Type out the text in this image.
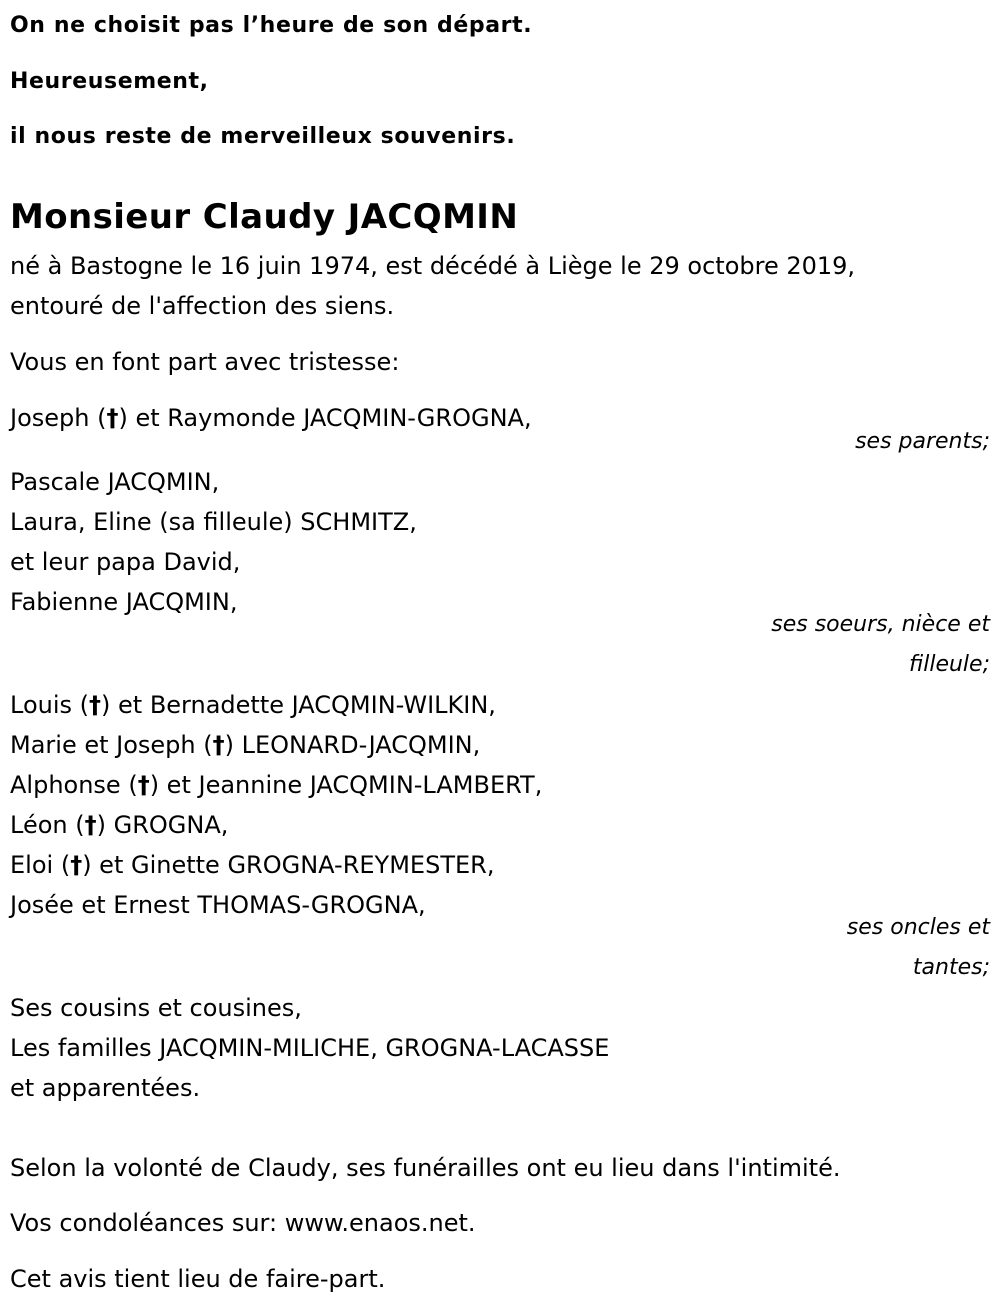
On ne choisit pas l’heure de son départ.
Heureusement,
il nous reste de merveilleux souvenirs.
Monsieur Claudy JACQMIN
né à Bastogne le 16 juin 1974, est décédé à Liège le 29 octobre 2019,
entouré de l'affection des siens.
Vous en font part avec tristesse:
Joseph (†) et Raymonde JACQMIN-GROGNA,
ses parents;
Pascale JACQMIN,
Laura, Eline (sa filleule) SCHMITZ,
et leur papa David,
Fabienne JACQMIN,
ses soeurs, nièce et
filleule;
Louis (†) et Bernadette JACQMIN-WILKIN,
Marie et Joseph (†) LEONARD-JACQMIN,
Alphonse (†) et Jeannine JACQMIN-LAMBERT,
Léon (†) GROGNA,
Eloi (†) et Ginette GROGNA-REYMESTER,
Josée et Ernest THOMAS-GROGNA,
ses oncles et
tantes;
Ses cousins et cousines,
Les familles JACQMIN-MILICHE, GROGNA-LACASSE
et apparentées.
Selon la volonté de Claudy, ses funérailles ont eu lieu dans l'intimité.
Vos condoléances sur: www.enaos.net.
Cet avis tient lieu de faire-part.
